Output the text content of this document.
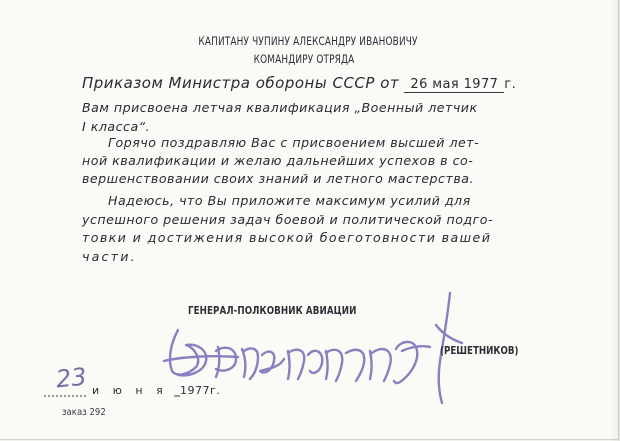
КАПИТАНУ ЧУПИНУ АЛЕКСАНДРУ ИВАНОВИЧУ
КОМАНДИРУ ОТРЯДА
Приказом Министра обороны СССР от 26 мая 1977 г.
Вам присвоена летчая квалификация „Военный летчик
I класса“.
Горячо поздравляю Вас с присвоением высшей лет-
ной квалификации и желаю дальнейших успехов в со-
вершенствовании своих знаний и летного мастерства.
Надеюсь, что Вы приложите максимум усилий для
успешного решения задач боевой и политической подго-
товки и достижения высокой боеготовности вашей
части.
ГЕНЕРАЛ-ПОЛКОВНИК АВИАЦИИ
(РЕШЕТНИКОВ)
23 и ю н я 1977г.
заказ 292
